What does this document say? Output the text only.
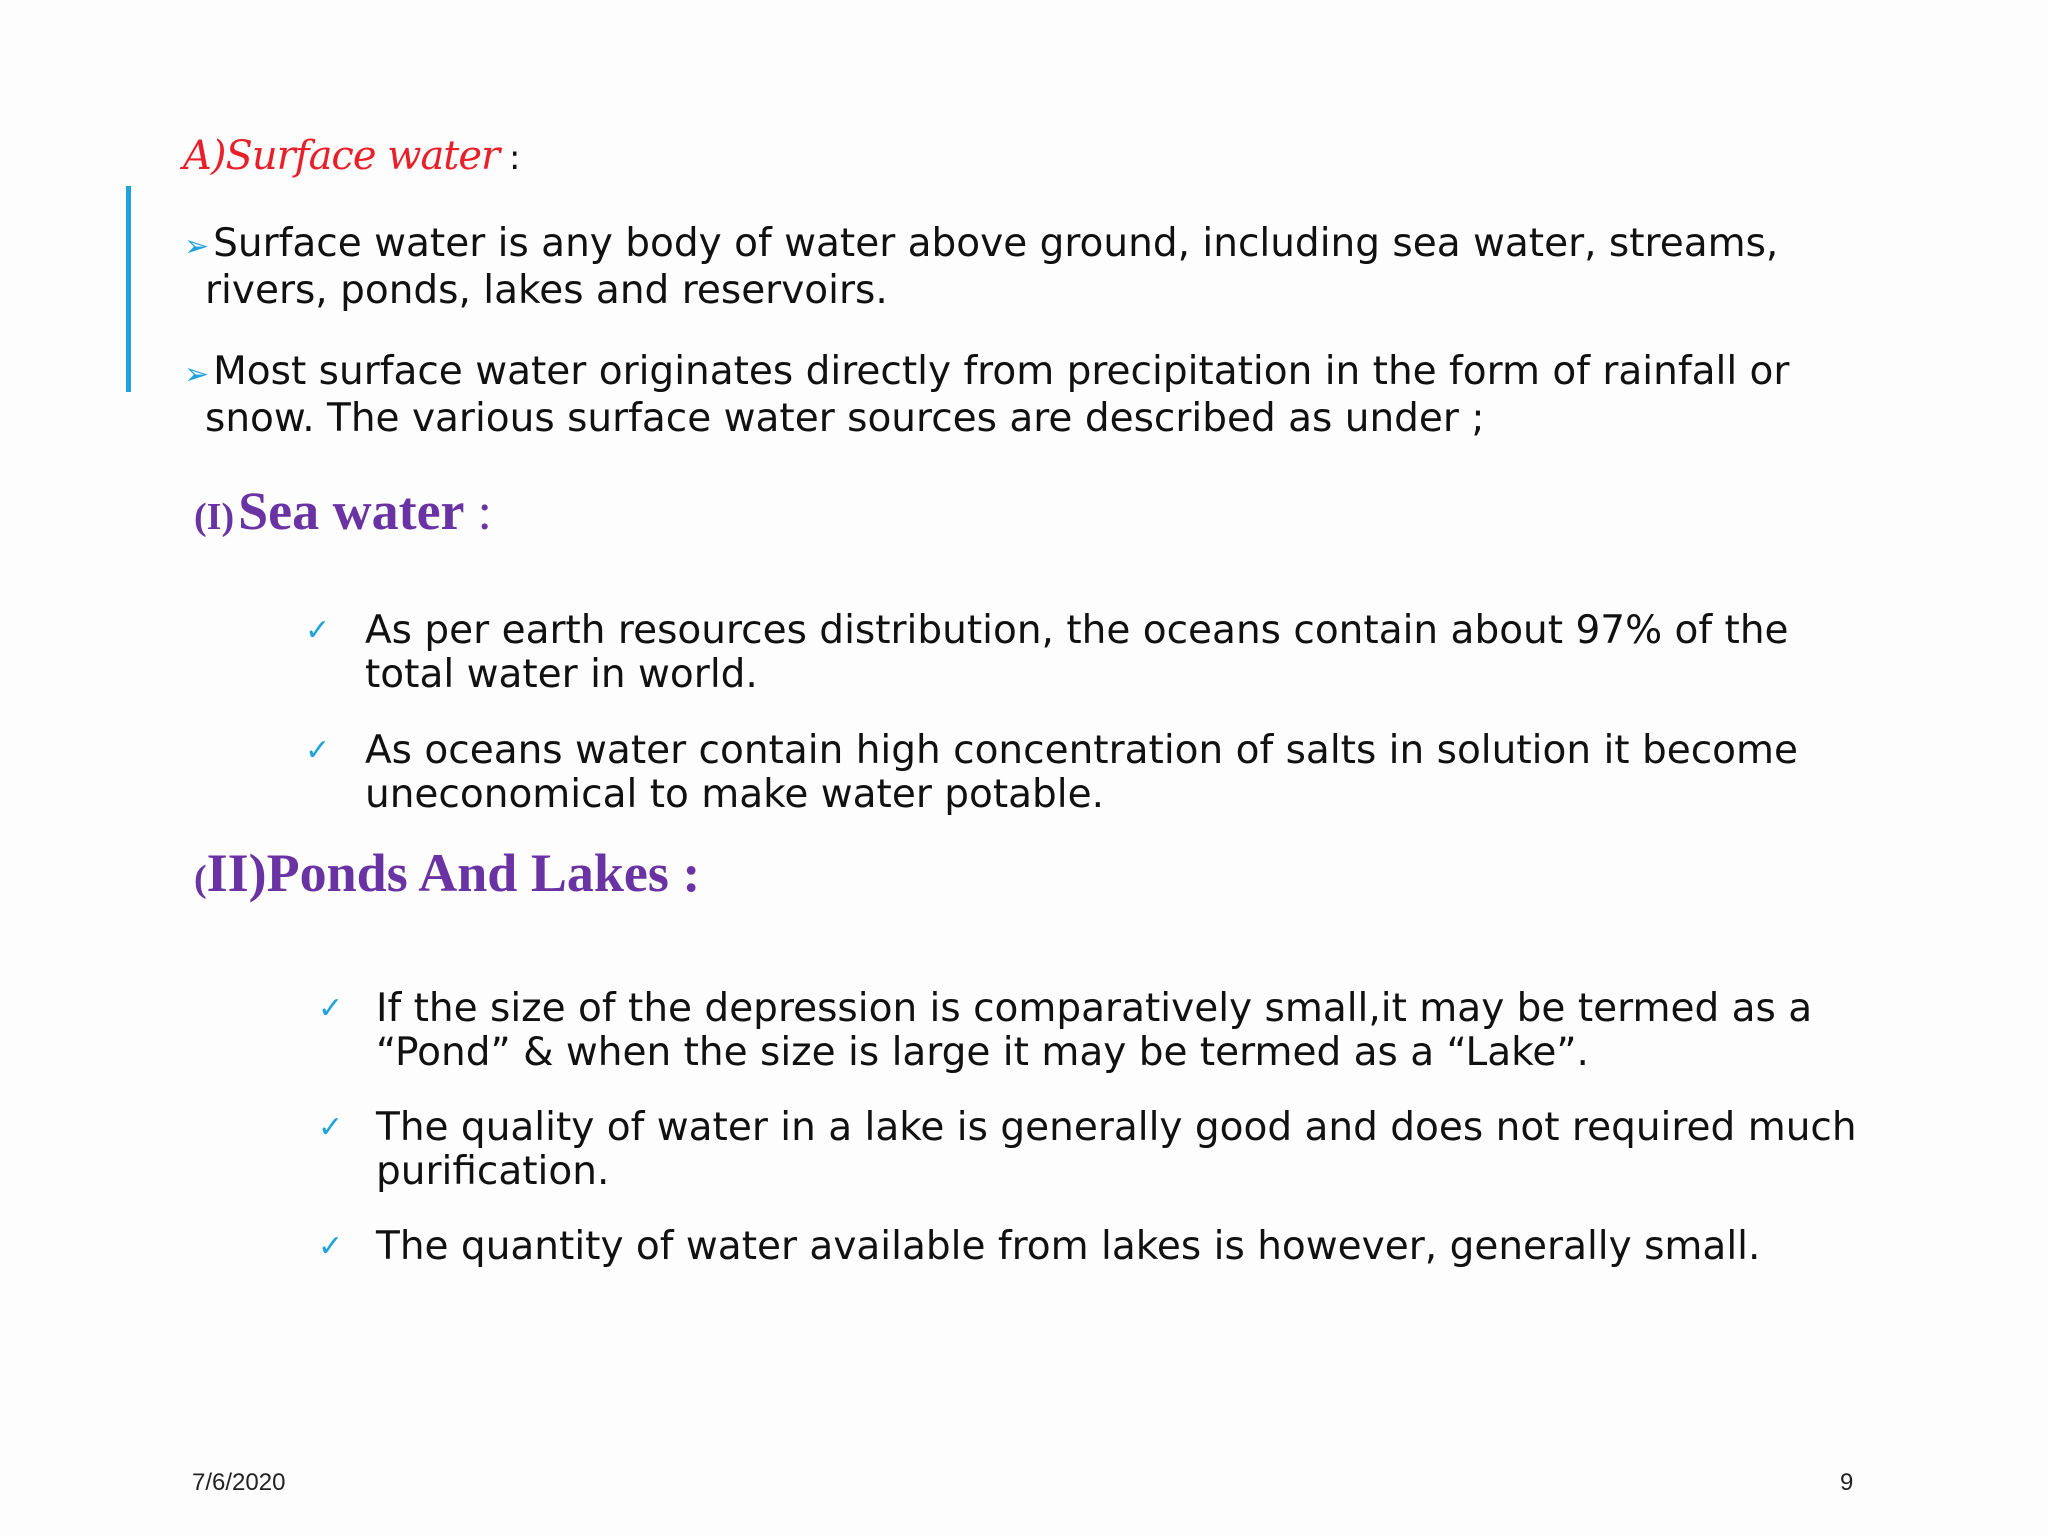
A)Surface water :
➢ Surface water is any body of water above ground, including sea water, streams,
rivers, ponds, lakes and reservoirs.
➢ Most surface water originates directly from precipitation in the form of rainfall or
snow. The various surface water sources are described as under ;
(I) Sea water :
✓ As per earth resources distribution, the oceans contain about 97% of the
total water in world.
✓ As oceans water contain high concentration of salts in solution it become
uneconomical to make water potable.
(II)Ponds And Lakes :
✓ If the size of the depression is comparatively small,it may be termed as a
“Pond” & when the size is large it may be termed as a “Lake”.
✓ The quality of water in a lake is generally good and does not required much
purification.
✓ The quantity of water available from lakes is however, generally small.
7/6/2020	9
